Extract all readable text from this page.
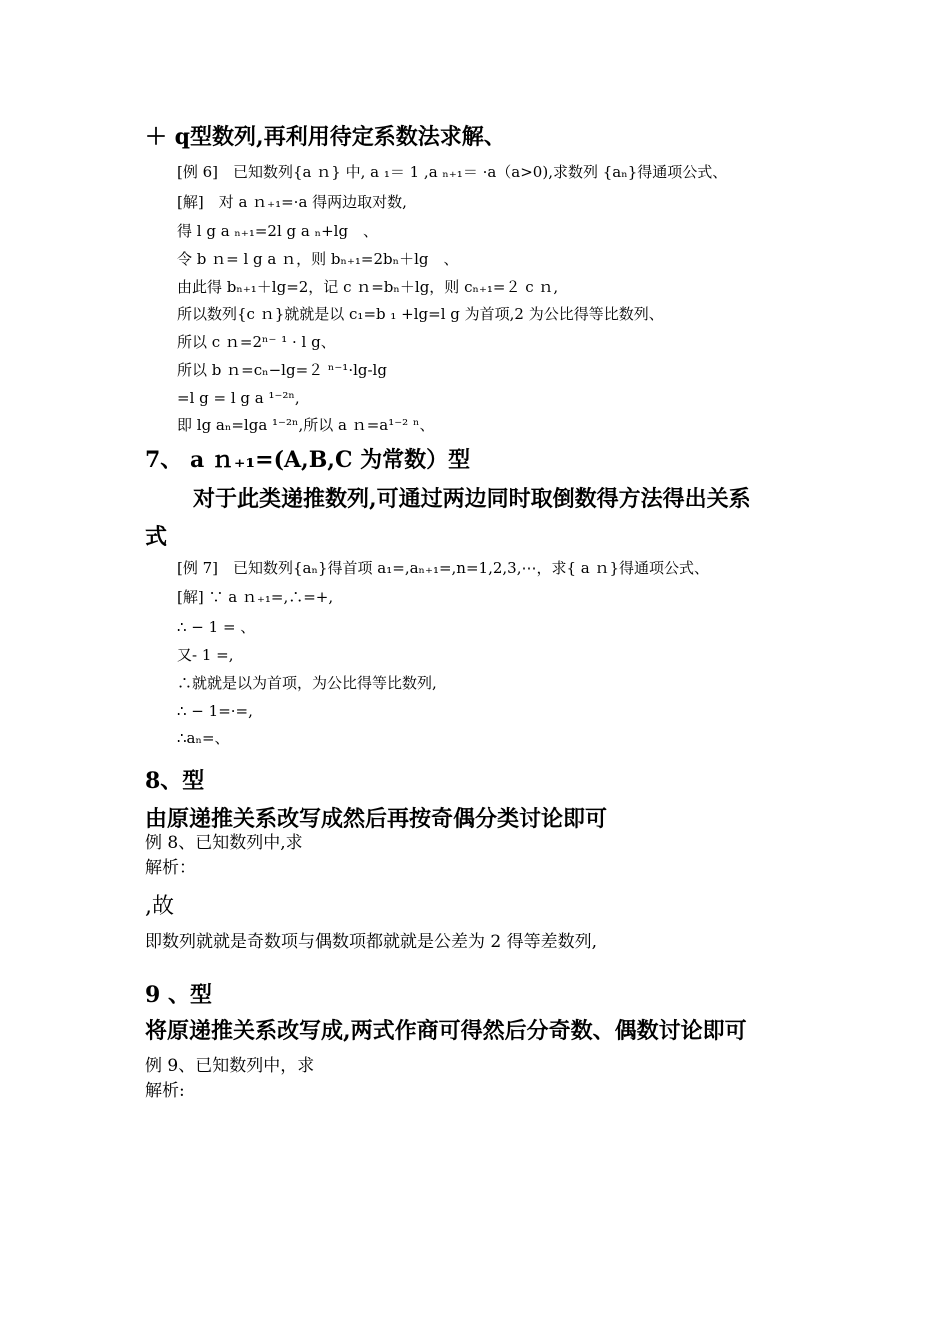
＋ q型数列,再利用待定系数法求解、
[例 6]　已知数列{a ｎ} 中, a ₁＝ 1 ,a ₙ₊₁＝ ·a（a>0),求数列 {aₙ}得通项公式、
[解]　对 a ｎ₊₁=·a 得两边取对数,
得 l g a ₙ₊₁=2l g a ₙ+lg　、
令 b ｎ= l g a ｎ，则 bₙ₊₁=2bₙ＋lg　、
由此得 bₙ₊₁＋lg=2，记 c ｎ=bₙ＋lg，则 cₙ₊₁=２ c ｎ,
所以数列{c ｎ}就就是以 c₁=b ₁ +lg=l g 为首项,2 为公比得等比数列、
所以 c ｎ=2ⁿ⁻ ¹ · l g、
所以 b ｎ=cₙ−lg=２ ⁿ⁻¹·lg-lg
=l g = l g a ¹⁻²ⁿ,
即 lg aₙ=lga ¹⁻²ⁿ,所以 a ｎ=a¹⁻² ⁿ、
7、 a ｎ₊₁=(A,B,C 为常数）型
对于此类递推数列,可通过两边同时取倒数得方法得出关系
式
[例 7]　已知数列{aₙ}得首项 a₁=,aₙ₊₁=,n=1,2,3,⋯，求{ a ｎ}得通项公式、
[解] ∵ a ｎ₊₁=,∴=+,
∴ − 1 = 、
又- 1 =,
∴就就是以为首项，为公比得等比数列,
∴ − 1=·=,
∴aₙ=、
8、型
由原递推关系改写成然后再按奇偶分类讨论即可
例 8、已知数列中,求
解析：
,故
即数列就就是奇数项与偶数项都就就是公差为 2 得等差数列,
9 、型
将原递推关系改写成,两式作商可得然后分奇数、偶数讨论即可
例 9、已知数列中，求
解析:
